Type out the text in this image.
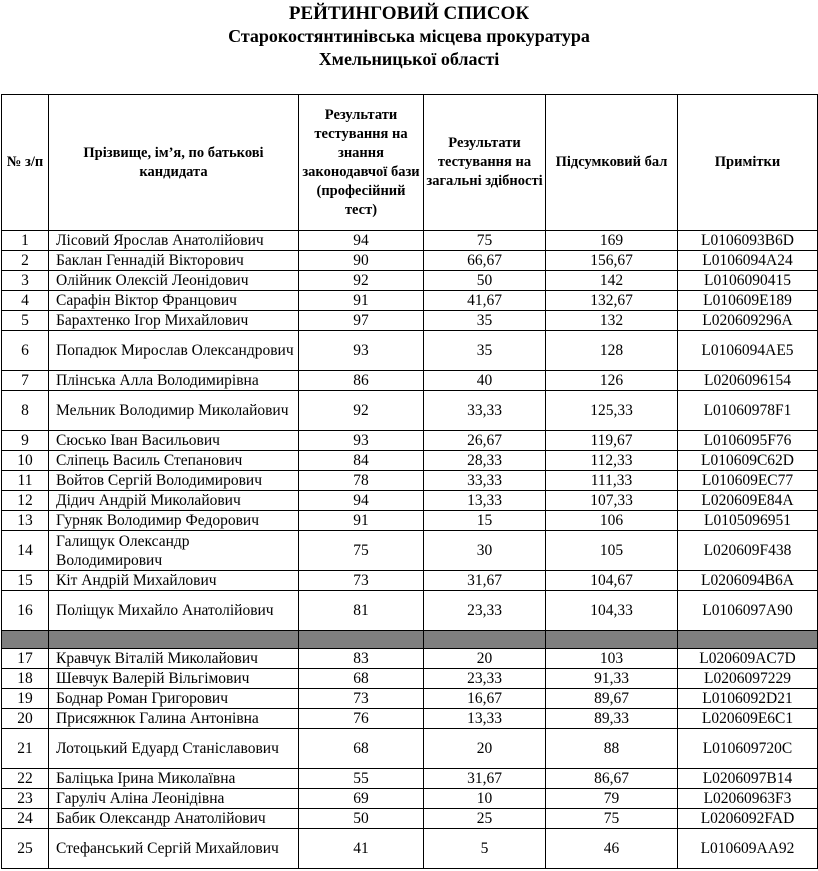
РЕЙТИНГОВИЙ СПИСОК

Старокостянтинівська місцева прокуратура

Хмельницької області

№ з/п	Прізвище, ім’я, по батькові кандидата	Результати тестування на знання законодавчої бази (професійний тест)	Результати тестування на загальні здібності	Підсумковий бал	Примітки
1	Лісовий Ярослав Анатолійович	94	75	169	L0106093B6D
2	Баклан Геннадій Вікторович	90	66,67	156,67	L0106094A24
3	Олійник Олексій Леонідович	92	50	142	L0106090415
4	Сарафін Віктор Францович	91	41,67	132,67	L010609E189
5	Барахтенко Ігор Михайлович	97	35	132	L020609296A
6	Попадюк Мирослав Олександрович	93	35	128	L0106094AE5
7	Плінська Алла Володимирівна	86	40	126	L0206096154
8	Мельник Володимир Миколайович	92	33,33	125,33	L01060978F1
9	Сюсько Іван Васильович	93	26,67	119,67	L0106095F76
10	Сліпець Василь Степанович	84	28,33	112,33	L010609C62D
11	Войтов Сергій Володимирович	78	33,33	111,33	L010609EC77
12	Дідич Андрій Миколайович	94	13,33	107,33	L020609E84A
13	Гурняк Володимир Федорович	91	15	106	L0105096951
14	Галищук Олександр Володимирович	75	30	105	L020609F438
15	Кіт Андрій Михайлович	73	31,67	104,67	L0206094B6A
16	Поліщук Михайло Анатолійович	81	23,33	104,33	L0106097A90

17	Кравчук Віталій Миколайович	83	20	103	L020609AC7D
18	Шевчук Валерій Вільгімович	68	23,33	91,33	L0206097229
19	Боднар Роман Григорович	73	16,67	89,67	L0106092D21
20	Присяжнюк Галина Антонівна	76	13,33	89,33	L020609E6C1
21	Лотоцький Едуард Станіславович	68	20	88	L010609720C
22	Баліцька Ірина Миколаївна	55	31,67	86,67	L0206097B14
23	Гаруліч Аліна Леонідівна	69	10	79	L02060963F3
24	Бабик Олександр Анатолійович	50	25	75	L0206092FAD
25	Стефанський Сергій Михайлович	41	5	46	L010609AA92
